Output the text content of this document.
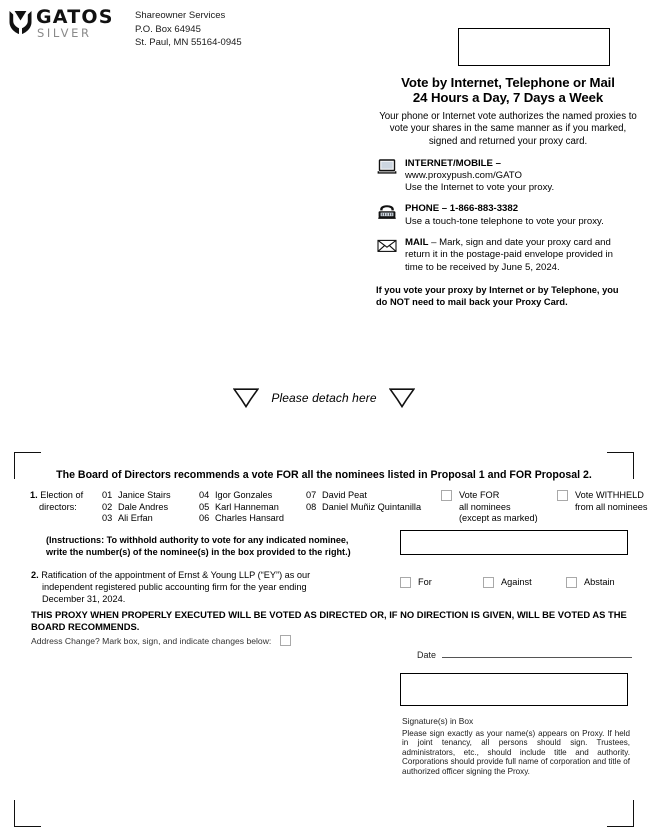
GATOS
SILVER
Shareowner Services
P.O. Box 64945
St. Paul, MN 55164-0945
Vote by Internet, Telephone or Mail
24 Hours a Day, 7 Days a Week
Your phone or Internet vote authorizes the named proxies to vote your shares in the same manner as if you marked, signed and returned your proxy card.
INTERNET/MOBILE –
www.proxypush.com/GATO
Use the Internet to vote your proxy.
PHONE – 1-866-883-3382
Use a touch-tone telephone to vote your proxy.
MAIL – Mark, sign and date your proxy card and
return it in the postage-paid envelope provided in
time to be received by June 5, 2024.
If you vote your proxy by Internet or by Telephone, you
do NOT need to mail back your Proxy Card.
Please detach here
The Board of Directors recommends a vote FOR all the nominees listed in Proposal 1 and FOR Proposal 2.
1. Election of
directors:
01 Janice Stairs
02 Dale Andres
03 Ali Erfan
04 Igor Gonzales
05 Karl Hanneman
06 Charles Hansard
07 David Peat
08 Daniel Muñiz Quintanilla
Vote FOR
all nominees
(except as marked)
Vote WITHHELD
from all nominees
(Instructions: To withhold authority to vote for any indicated nominee,
write the number(s) of the nominee(s) in the box provided to the right.)
2. Ratification of the appointment of Ernst & Young LLP (“EY”) as our
independent registered public accounting firm for the year ending
December 31, 2024.
For	Against	Abstain
THIS PROXY WHEN PROPERLY EXECUTED WILL BE VOTED AS DIRECTED OR, IF NO DIRECTION IS GIVEN, WILL BE VOTED AS THE
BOARD RECOMMENDS.
Address Change? Mark box, sign, and indicate changes below:
Date
Signature(s) in Box
Please sign exactly as your name(s) appears on Proxy. If held in joint tenancy, all persons should sign. Trustees, administrators, etc., should include title and authority. Corporations should provide full name of corporation and title of authorized officer signing the Proxy.
